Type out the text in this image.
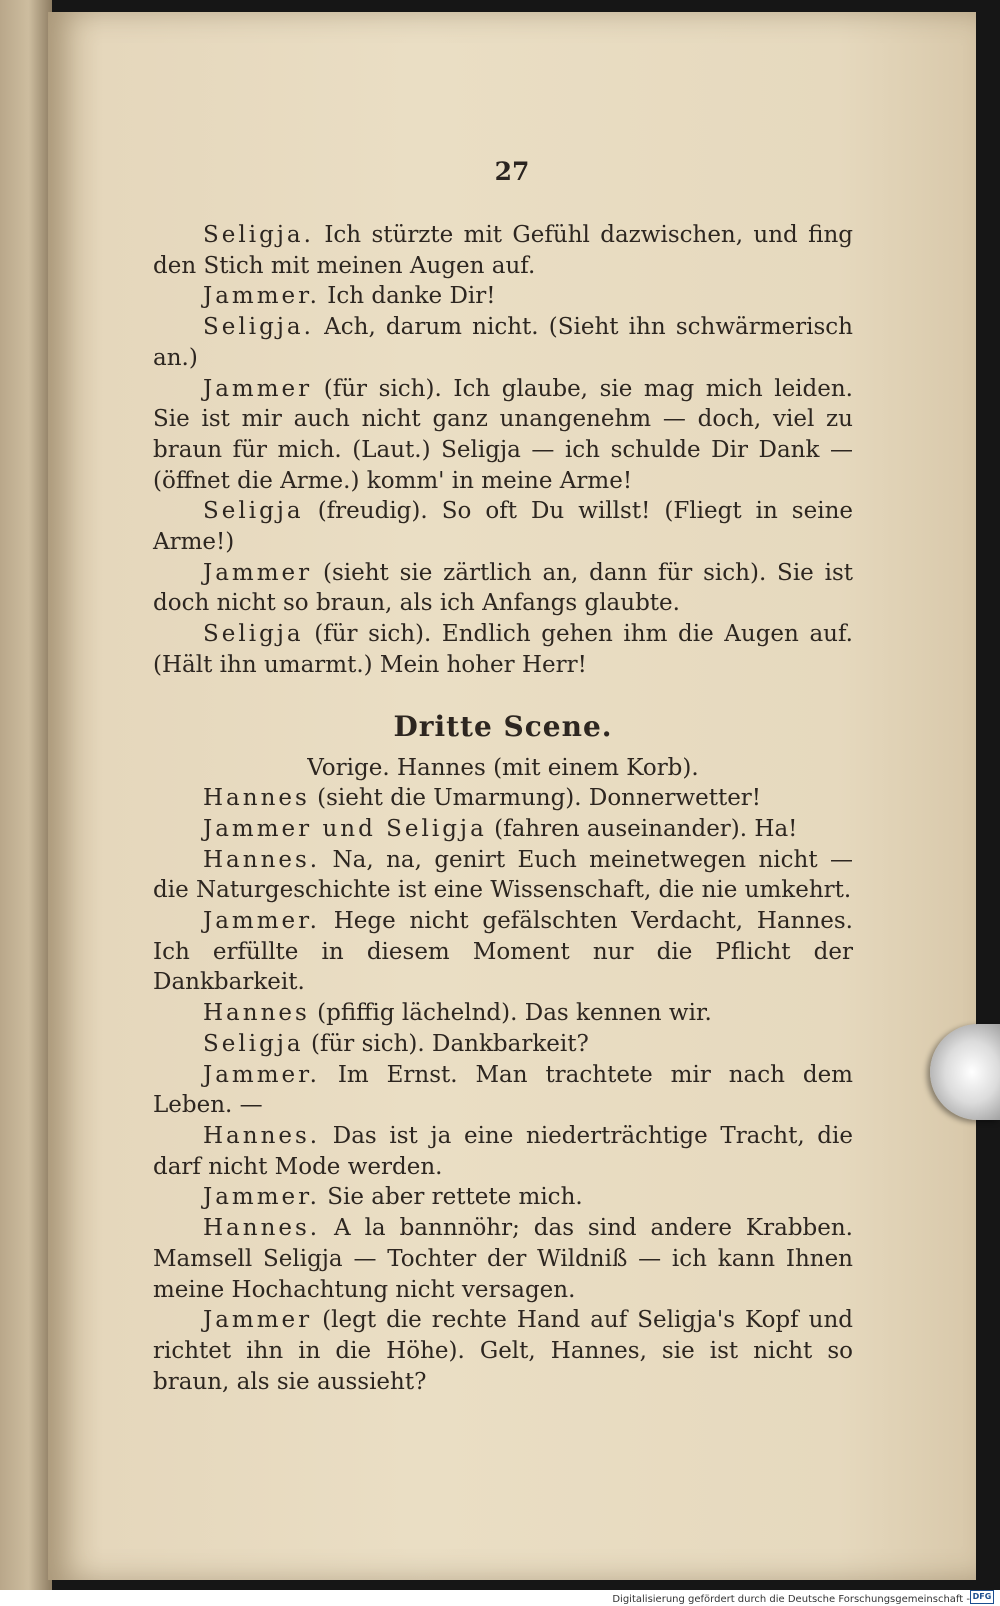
27

Seligja. Ich stürzte mit Gefühl dazwischen, und fing den Stich mit meinen Augen auf.

Jammer. Ich danke Dir!

Seligja. Ach, darum nicht. (Sieht ihn schwärmerisch an.)

Jammer (für sich). Ich glaube, sie mag mich leiden. Sie ist mir auch nicht ganz unangenehm — doch, viel zu braun für mich. (Laut.) Seligja — ich schulde Dir Dank — (öffnet die Arme.) komm' in meine Arme!

Seligja (freudig). So oft Du willst! (Fliegt in seine Arme!)

Jammer (sieht sie zärtlich an, dann für sich). Sie ist doch nicht so braun, als ich Anfangs glaubte.

Seligja (für sich). Endlich gehen ihm die Augen auf. (Hält ihn umarmt.) Mein hoher Herr!

Dritte Scene.

Vorige. Hannes (mit einem Korb).

Hannes (sieht die Umarmung). Donnerwetter!

Jammer und Seligja (fahren auseinander). Ha!

Hannes. Na, na, genirt Euch meinetwegen nicht — die Naturgeschichte ist eine Wissenschaft, die nie umkehrt.

Jammer. Hege nicht gefälschten Verdacht, Hannes. Ich erfüllte in diesem Moment nur die Pflicht der Dankbarkeit.

Hannes (pfiffig lächelnd). Das kennen wir.

Seligja (für sich). Dankbarkeit?

Jammer. Im Ernst. Man trachtete mir nach dem Leben. —

Hannes. Das ist ja eine niederträchtige Tracht, die darf nicht Mode werden.

Jammer. Sie aber rettete mich.

Hannes. A la bannnöhr; das sind andere Krabben. Mamsell Seligja — Tochter der Wildniß — ich kann Ihnen meine Hochachtung nicht versagen.

Jammer (legt die rechte Hand auf Seligja's Kopf und richtet ihn in die Höhe). Gelt, Hannes, sie ist nicht so braun, als sie aussieht?

Digitalisierung gefördert durch die Deutsche Forschungsgemeinschaft - DFG
